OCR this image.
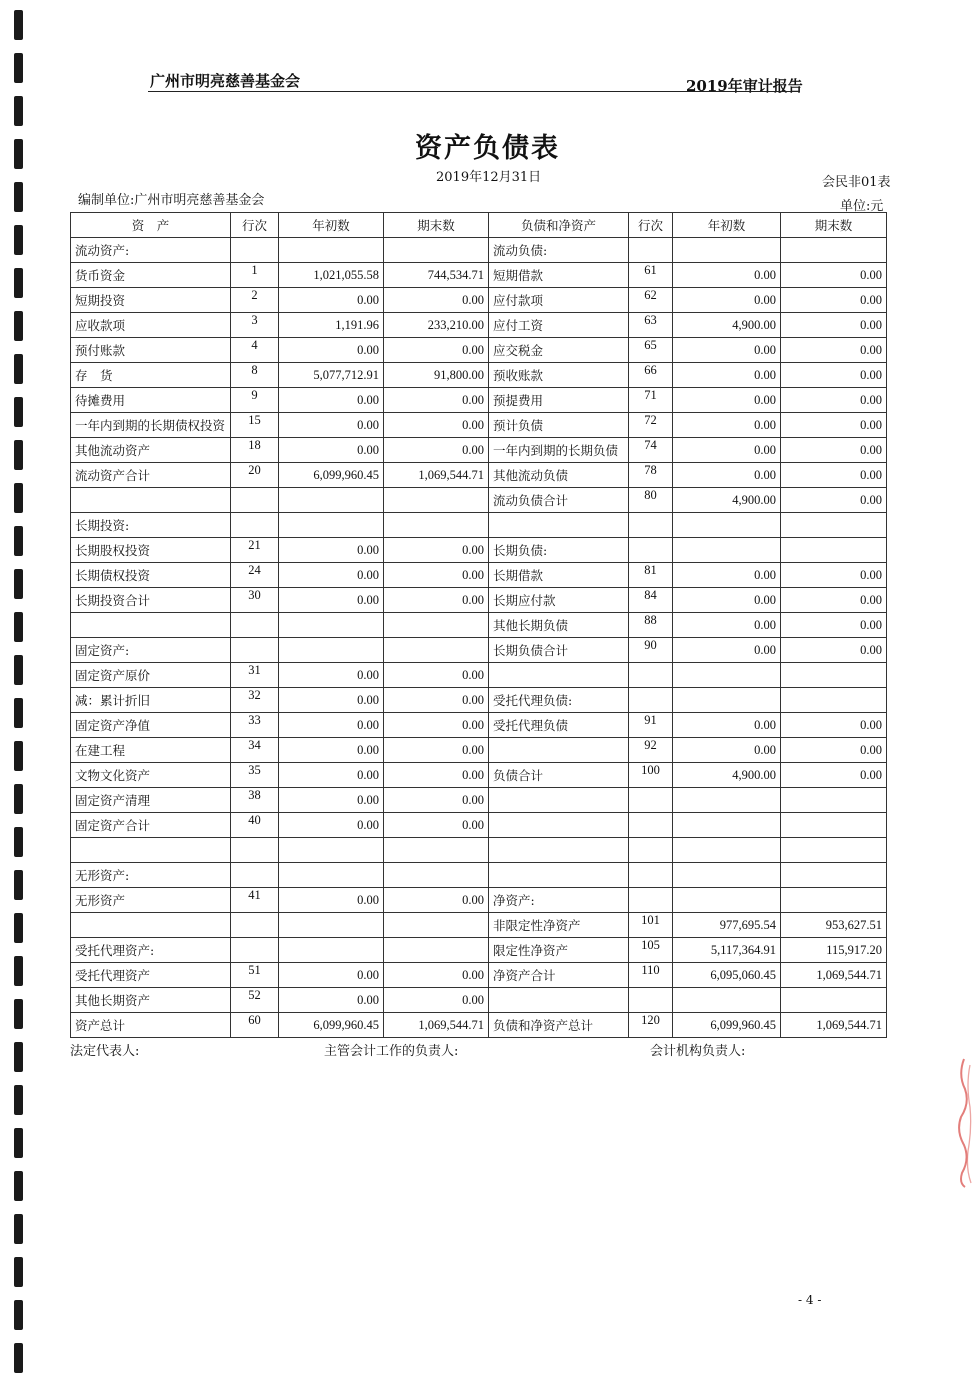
广州市明亮慈善基金会	2019年审计报告
资产负债表
2019年12月31日	会民非01表
编制单位:广州市明亮慈善基金会	单位:元
资　产	行次	年初数	期末数	负债和净资产	行次	年初数	期末数
流动资产:				流动负债:			
货币资金	1	1,021,055.58	744,534.71	短期借款	61	0.00	0.00
短期投资	2	0.00	0.00	应付款项	62	0.00	0.00
应收款项	3	1,191.96	233,210.00	应付工资	63	4,900.00	0.00
预付账款	4	0.00	0.00	应交税金	65	0.00	0.00
存　货	8	5,077,712.91	91,800.00	预收账款	66	0.00	0.00
待摊费用	9	0.00	0.00	预提费用	71	0.00	0.00
一年内到期的长期债权投资	15	0.00	0.00	预计负债	72	0.00	0.00
其他流动资产	18	0.00	0.00	一年内到期的长期负债	74	0.00	0.00
流动资产合计	20	6,099,960.45	1,069,544.71	其他流动负债	78	0.00	0.00
				流动负债合计	80	4,900.00	0.00
长期投资:							
长期股权投资	21	0.00	0.00	长期负债:			
长期债权投资	24	0.00	0.00	长期借款	81	0.00	0.00
长期投资合计	30	0.00	0.00	长期应付款	84	0.00	0.00
				其他长期负债	88	0.00	0.00
固定资产:				长期负债合计	90	0.00	0.00
固定资产原价	31	0.00	0.00				
减：累计折旧	32	0.00	0.00	受托代理负债:			
固定资产净值	33	0.00	0.00	受托代理负债	91	0.00	0.00
在建工程	34	0.00	0.00		92	0.00	0.00
文物文化资产	35	0.00	0.00	负债合计	100	4,900.00	0.00
固定资产清理	38	0.00	0.00				
固定资产合计	40	0.00	0.00				

无形资产:							
无形资产	41	0.00	0.00	净资产:			
				非限定性净资产	101	977,695.54	953,627.51
受托代理资产:				限定性净资产	105	5,117,364.91	115,917.20
受托代理资产	51	0.00	0.00	净资产合计	110	6,095,060.45	1,069,544.71
其他长期资产	52	0.00	0.00				
资产总计	60	6,099,960.45	1,069,544.71	负债和净资产总计	120	6,099,960.45	1,069,544.71
法定代表人:	主管会计工作的负责人:	会计机构负责人:
- 4 -
